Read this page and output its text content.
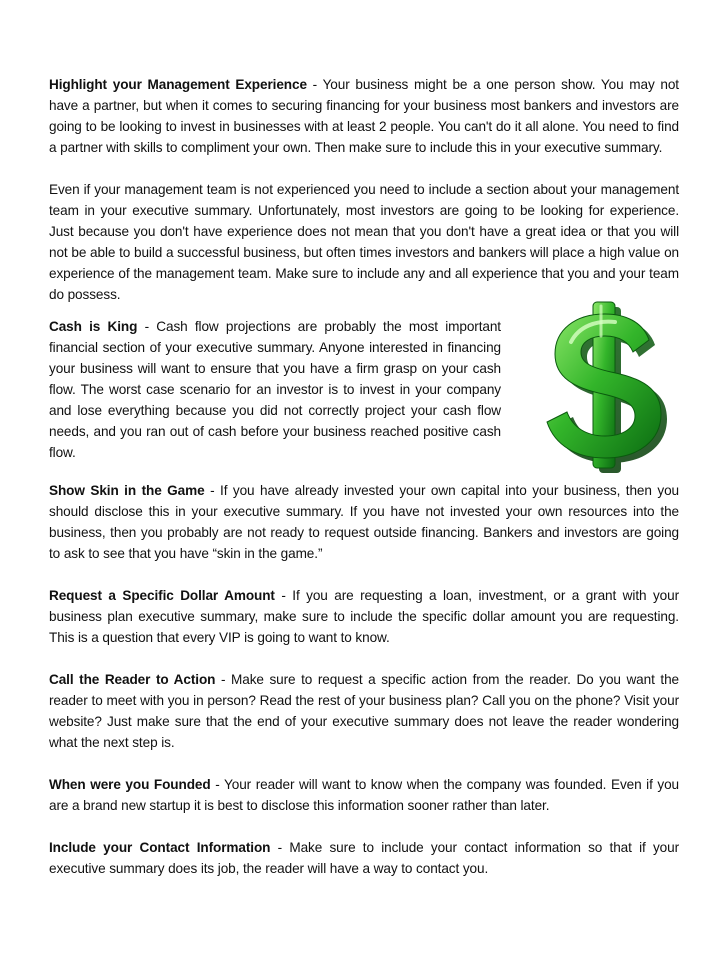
Highlight your Management Experience - Your business might be a one person show. You may not have a partner, but when it comes to securing financing for your business most bankers and investors are going to be looking to invest in businesses with at least 2 people. You can't do it all alone. You need to find a partner with skills to compliment your own. Then make sure to include this in your executive summary.

Even if your management team is not experienced you need to include a section about your management team in your executive summary. Unfortunately, most investors are going to be looking for experience. Just because you don't have experience does not mean that you don't have a great idea or that you will not be able to build a successful business, but often times investors and bankers will place a high value on experience of the management team. Make sure to include any and all experience that you and your team do possess.

Cash is King - Cash flow projections are probably the most important financial section of your executive summary. Anyone interested in financing your business will want to ensure that you have a firm grasp on your cash flow. The worst case scenario for an investor is to invest in your company and lose everything because you did not correctly project your cash flow needs, and you ran out of cash before your business reached positive cash flow.

Show Skin in the Game - If you have already invested your own capital into your business, then you should disclose this in your executive summary. If you have not invested your own resources into the business, then you probably are not ready to request outside financing. Bankers and investors are going to ask to see that you have “skin in the game.”

Request a Specific Dollar Amount - If you are requesting a loan, investment, or a grant with your business plan executive summary, make sure to include the specific dollar amount you are requesting. This is a question that every VIP is going to want to know.

Call the Reader to Action - Make sure to request a specific action from the reader. Do you want the reader to meet with you in person? Read the rest of your business plan? Call you on the phone? Visit your website? Just make sure that the end of your executive summary does not leave the reader wondering what the next step is.

When were you Founded - Your reader will want to know when the company was founded. Even if you are a brand new startup it is best to disclose this information sooner rather than later.

Include your Contact Information - Make sure to include your contact information so that if your executive summary does its job, the reader will have a way to contact you.
